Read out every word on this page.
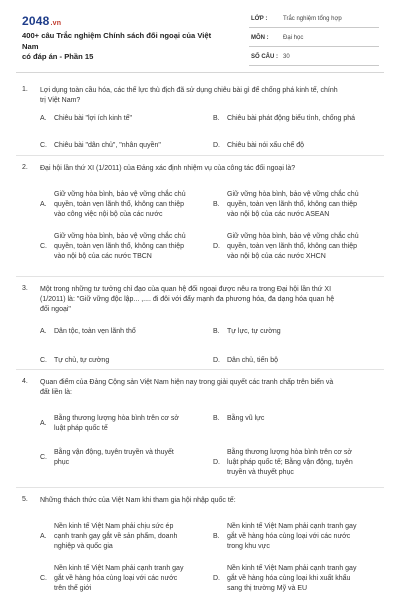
2048.vn
400+ câu Trắc nghiệm Chính sách đối ngoại của Việt Nam
có đáp án - Phần 15
LỚP :	Trắc nghiệm tổng hợp
MÔN : Đại học
SỐ CÂU : 30
1. Lợi dụng toàn cầu hóa, các thế lực thù địch đã sử dụng chiêu bài gì để chống phá kinh tế, chính
trị Việt Nam?
A. Chiêu bài "lợi ích kinh tế"	B. Chiêu bài phát động biểu tình, chống phá
C. Chiêu bài "dân chủ", "nhân quyền"	D. Chiêu bài nói xấu chế độ
2. Đại hội lần thứ XI (1/2011) của Đảng xác định nhiệm vụ của công tác đối ngoại là?
A.
Giữ vững hòa bình, bảo vệ vững chắc chủ
quyền, toàn vẹn lãnh thổ, không can thiệp
vào công việc nội bộ của các nước
B.
Giữ vững hòa bình, bảo vệ vững chắc chủ
quyền, toàn vẹn lãnh thổ, không can thiệp
vào nội bộ của các nước ASEAN
C.
Giữ vững hòa bình, bảo vệ vững chắc chủ
quyền, toàn vẹn lãnh thổ, không can thiệp
vào nội bộ của các nước TBCN
D.
Giữ vững hòa bình, bảo vệ vững chắc chủ
quyền, toàn vẹn lãnh thổ, không can thiệp
vào nội bộ của các nước XHCN
3. Một trong những tư tưởng chỉ đạo của quan hệ đối ngoại được nêu ra trong Đại hội lần thứ XI
(1/2011) là: "Giữ vững độc lập... ,.... đi đôi với đẩy mạnh đa phương hóa, đa dạng hóa quan hệ
đối ngoại"
A. Dân tộc, toàn vẹn lãnh thổ	B. Tự lực, tự cường
C. Tự chủ, tự cường	D. Dân chủ, tiến bộ
4. Quan điểm của Đảng Cộng sản Việt Nam hiện nay trong giải quyết các tranh chấp trên biển và
đất liền là:
A.
Bằng thương lượng hòa bình trên cơ sở
luật pháp quốc tế
B. Bằng vũ lực
C.
Bằng vận động, tuyên truyền và thuyết
phục	D.
Bằng thương lượng hòa bình trên cơ sở
luật pháp quốc tế; Bằng vận động, tuyên
truyền và thuyết phục
5. Những thách thức của Việt Nam khi tham gia hội nhập quốc tế:
A.
Nền kinh tế Việt Nam phải chịu sức ép
cạnh tranh gay gắt về sản phẩm, doanh
nghiệp và quốc gia
B.
Nền kinh tế Việt Nam phải cạnh tranh gay
gắt về hàng hóa cùng loại với các nước
trong khu vực
C.
Nền kinh tế Việt Nam phải cạnh tranh gay
gắt về hàng hóa cùng loại với các nước
trên thế giới
D.
Nền kinh tế Việt Nam phải cạnh tranh gay
gắt về hàng hóa cùng loại khi xuất khẩu
sang thị trường Mỹ và EU
